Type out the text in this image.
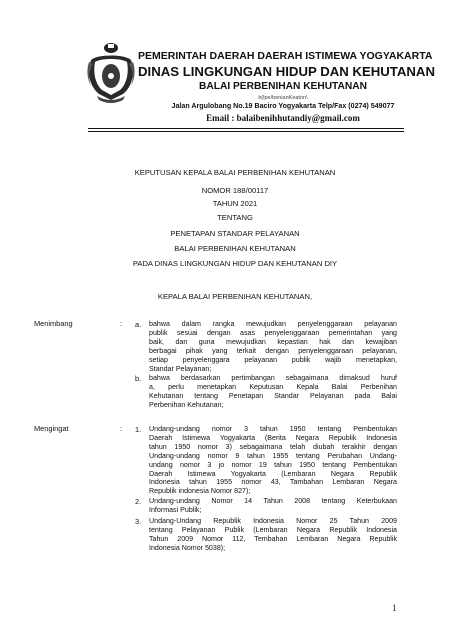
PEMERINTAH DAERAH DAERAH ISTIMEWA YOGYAKARTA
DINAS LINGKUNGAN HIDUP DAN KEHUTANAN
BALAI PERBENIHAN KEHUTANAN
b(lpe/benianKeatnn\
Jalan Argulobang No.19 Baciro Yogyakarta Telp/Fax (0274) 549077
Email : balaibenihhutandiy@gmail.com
KEPUTUSAN KEPALA BALAI PERBENIHAN KEHUTANAN
NOMOR 188/00117
TAHUN 2021
TENTANG
PENETAPAN STANDAR PELAYANAN
BALAI PERBENIHAN KEHUTANAN
PADA DINAS LINGKUNGAN HIDUP DAN KEHUTANAN DIY
KEPALA BALAI PERBENIHAN KEHUTANAN,
Menimbang	: a. bahwa dalam rangka mewujudkan penyelenggaraan pelayanan
publik sesuai dengan asas penyelenggaraan pemerintahan yang
baik, dan guna mewujudkan kepastian hak dan kewajiban
berbagai pihak yang terkait dengan penyelenggaraan pelayanan,
setiap penyelenggara pelayanan publik wajib menetapkan,
Standar Pelayanan;
b. bahwa berdasarkan pertimbangan sebagaimana dimaksud huruf
a, perlu menetapkan Keputusan Kepala Balai Perbenihan
Kehutanan tentang Penetapan Standar Pelayanan pada Balai
Perbenihan Kehutanan;
Mengingat	: 1. Undang-undang nomor 3 tahun 1950 tentang Pembentukan
Daerah Istimewa Yogyakarta (Berita Negara Republik Indonesia
tahun 1950 nomor 3) sebagaimana telah diubah terakhir dengan
Undang-undang nomor 9 tahun 1955 tentang Perubahan Undang-
undang nomor 3 jo nomor 19 tahun 1950 tentang Pembentukan
Daerah Istimewa Yogyakarta (Lembaran Negara Republik
Indonesia tahun 1955 nomor 43, Tambahan Lembaran Negara
Republik indonesia Nomor 827);
2. Undang-undang Nomor 14 Tahun 2008 tentang Keterbukaan
Informasi Publik;
3. Undang-Undang Republik Indonesia Nomor 25 Tahun 2009
tentang Pelayanan Publik (Lembaran Negara Republik Indonesia
Tahun 2009 Nomor 112, Tembahan Lembaran Negara Republik
Indonesia Nomor 5038);
1
